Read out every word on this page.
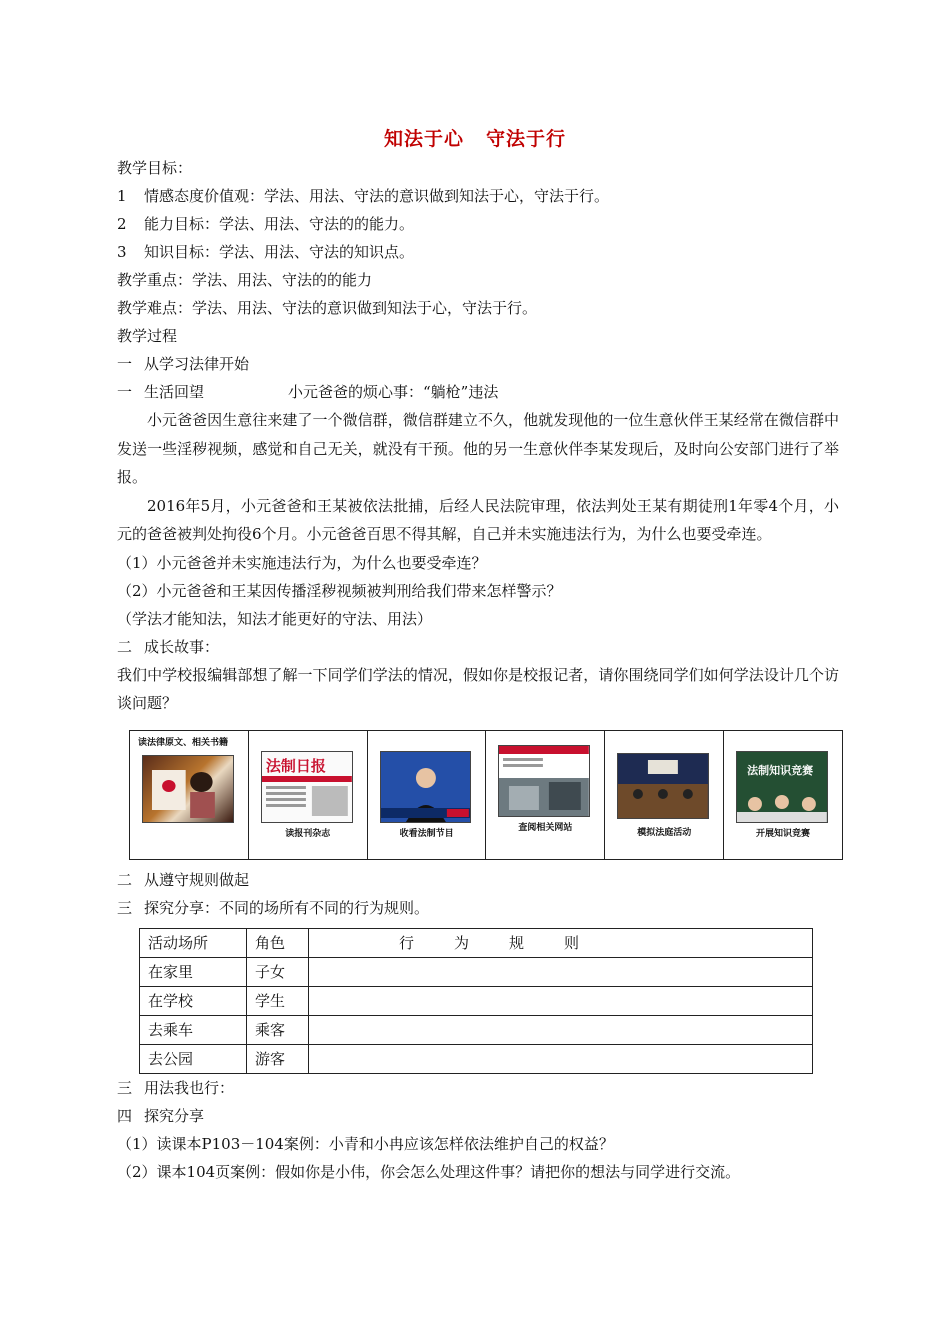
知法于心 守法于行
教学目标：
1 情感态度价值观：学法、用法、守法的意识做到知法于心，守法于行。
2 能力目标：学法、用法、守法的的能力。
3 知识目标：学法、用法、守法的知识点。
教学重点：学法、用法、守法的的能力
教学难点：学法、用法、守法的意识做到知法于心，守法于行。
教学过程
一 从学习法律开始
一 生活回望	小元爸爸的烦心事：“躺枪”违法
小元爸爸因生意往来建了一个微信群，微信群建立不久，他就发现他的一位生意伙伴王某经常在微信群中发送一些淫秽视频，感觉和自己无关，就没有干预。他的另一生意伙伴李某发现后，及时向公安部门进行了举报。
2016年5月，小元爸爸和王某被依法批捕，后经人民法院审理，依法判处王某有期徒刑1年零4个月，小元的爸爸被判处拘役6个月。小元爸爸百思不得其解，自己并未实施违法行为，为什么也要受牵连。
（1）小元爸爸并未实施违法行为，为什么也要受牵连？
（2）小元爸爸和王某因传播淫秽视频被判刑给我们带来怎样警示？
（学法才能知法，知法才能更好的守法、用法）
二 成长故事：
我们中学校报编辑部想了解一下同学们学法的情况，假如你是校报记者，请你围绕同学们如何学法设计几个访谈问题？
读法律原文、相关书籍
法制日报
读报刊杂志	收看法制节目
查阅相关网站	模拟法庭活动
法制知识竞赛
开展知识竞赛
二 从遵守规则做起
三 探究分享：不同的场所有不同的行为规则。
活动场所	角色	行为规则
在家里	子女	
在学校	学生	
去乘车	乘客	
去公园	游客	
三 用法我也行：
四 探究分享
（1）读课本P103－104案例：小青和小冉应该怎样依法维护自己的权益？
（2）课本104页案例：假如你是小伟，你会怎么处理这件事？请把你的想法与同学进行交流。
